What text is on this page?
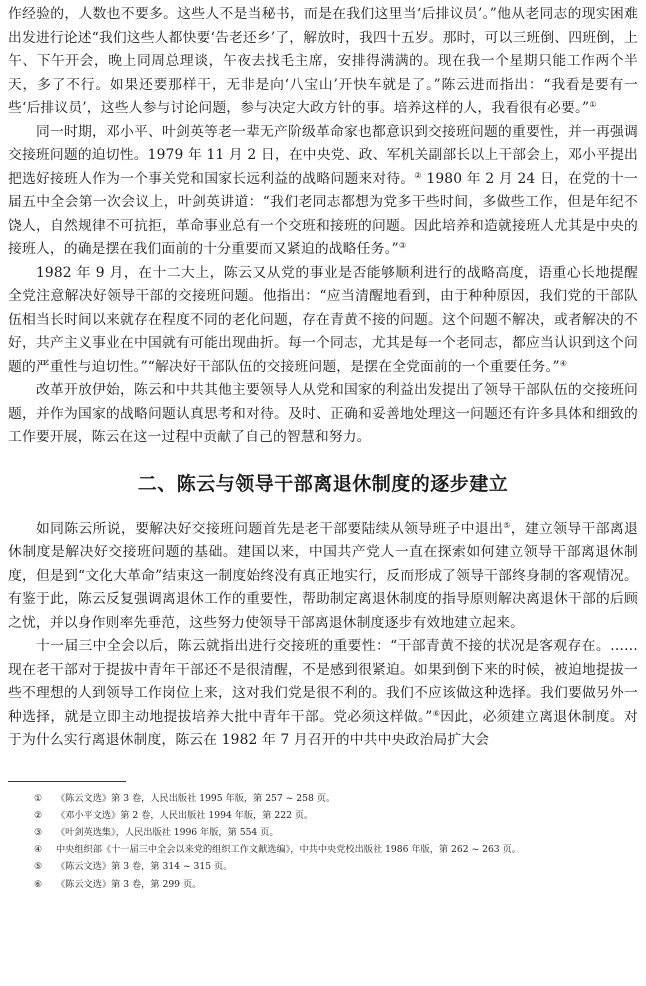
作经验的，人数也不要多。这些人不是当秘书，而是在我们这里当‘后排议员’。”他从老同志的现实困难出发进行论述“我们这些人都快要‘告老还乡’了，解放时，我四十五岁。那时，可以三班倒、四班倒，上午、下午开会，晚上同周总理谈，午夜去找毛主席，安排得满满的。现在我一个星期只能工作两个半天，多了不行。如果还要那样干，无非是向‘八宝山’开快车就是了。”陈云进而指出：“我看是要有一些‘后排议员’，这些人参与讨论问题，参与决定大政方针的事。培养这样的人，我看很有必要。”①

同一时期，邓小平、叶剑英等老一辈无产阶级革命家也都意识到交接班问题的重要性，并一再强调交接班问题的迫切性。1979 年 11 月 2 日，在中央党、政、军机关副部长以上干部会上，邓小平提出把选好接班人作为一个事关党和国家长远利益的战略问题来对待。② 1980 年 2 月 24 日，在党的十一届五中全会第一次会议上，叶剑英讲道：“我们老同志都想为党多干些时间，多做些工作，但是年纪不饶人，自然规律不可抗拒，革命事业总有一个交班和接班的问题。因此培养和造就接班人尤其是中央的接班人，的确是摆在我们面前的十分重要而又紧迫的战略任务。”③

1982 年 9 月，在十二大上，陈云又从党的事业是否能够顺利进行的战略高度，语重心长地提醒全党注意解决好领导干部的交接班问题。他指出：“应当清醒地看到，由于种种原因，我们党的干部队伍相当长时间以来就存在程度不同的老化问题，存在青黄不接的问题。这个问题不解决，或者解决的不好，共产主义事业在中国就有可能出现曲折。每一个同志，尤其是每一个老同志，都应当认识到这个问题的严重性与迫切性。”“解决好干部队伍的交接班问题，是摆在全党面前的一个重要任务。”④

改革开放伊始，陈云和中共其他主要领导人从党和国家的利益出发提出了领导干部队伍的交接班问题，并作为国家的战略问题认真思考和对待。及时、正确和妥善地处理这一问题还有许多具体和细致的工作要开展，陈云在这一过程中贡献了自己的智慧和努力。

二、陈云与领导干部离退休制度的逐步建立

如同陈云所说，要解决好交接班问题首先是老干部要陆续从领导班子中退出⑤，建立领导干部离退休制度是解决好交接班问题的基础。建国以来，中国共产党人一直在探索如何建立领导干部离退休制度，但是到“文化大革命”结束这一制度始终没有真正地实行，反而形成了领导干部终身制的客观情况。有鉴于此，陈云反复强调离退休工作的重要性，帮助制定离退休制度的指导原则解决离退休干部的后顾之忧，并以身作则率先垂范，这些努力使领导干部离退休制度逐步有效地建立起来。

十一届三中全会以后，陈云就指出进行交接班的重要性：“干部青黄不接的状况是客观存在。……现在老干部对于提拔中青年干部还不是很清醒，不是感到很紧迫。如果到倒下来的时候，被迫地提拔一些不理想的人到领导工作岗位上来，这对我们党是很不利的。我们不应该做这种选择。我们要做另外一种选择，就是立即主动地提拔培养大批中青年干部。党必须这样做。”⑥因此，必须建立离退休制度。对于为什么实行离退休制度，陈云在 1982 年 7 月召开的中共中央政治局扩大会

① 《陈云文选》第 3 卷，人民出版社 1995 年版，第 257 ~ 258 页。
② 《邓小平文选》第 2 卷，人民出版社 1994 年版，第 222 页。
③ 《叶剑英选集》，人民出版社 1996 年版，第 554 页。
④ 中央组织部《十一届三中全会以来党的组织工作文献选编》，中共中央党校出版社 1986 年版，第 262 ~ 263 页。
⑤ 《陈云文选》第 3 卷，第 314 ~ 315 页。
⑥ 《陈云文选》第 3 卷，第 299 页。
